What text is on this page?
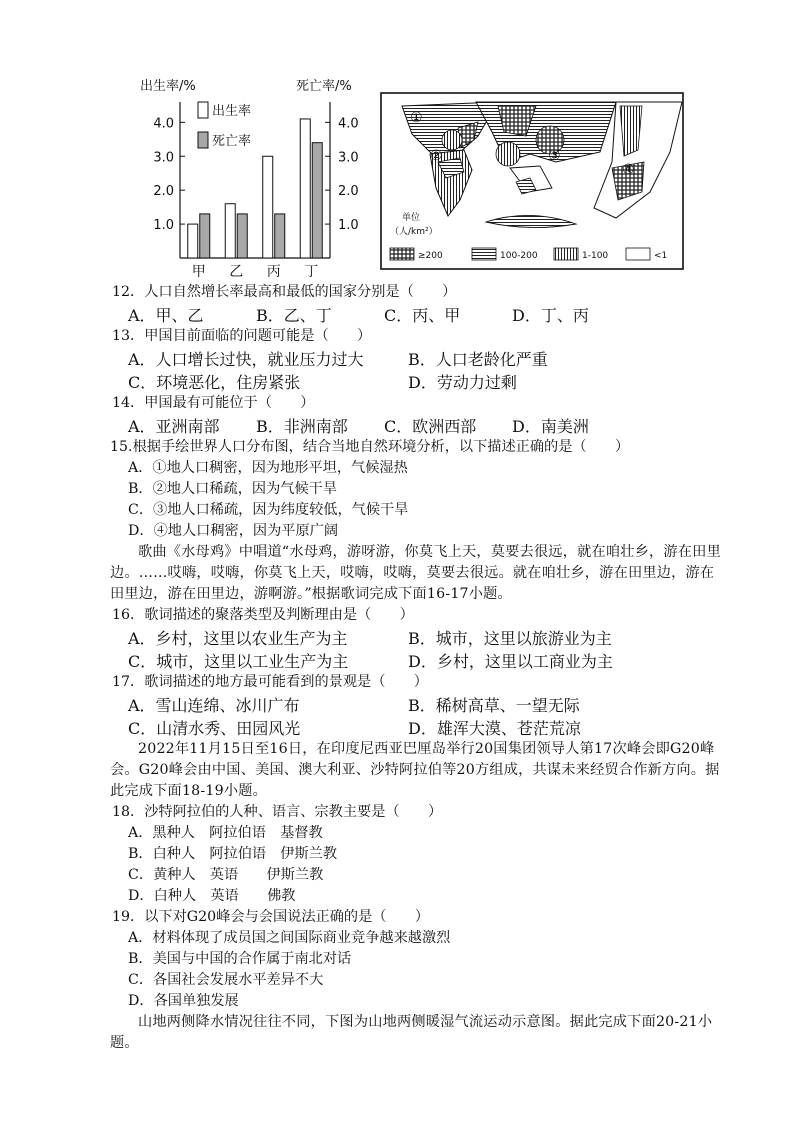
出生率/%	死亡率/%
1.0	1.0
2.0	2.0
3.0	3.0
4.0	4.0
甲 乙 丙 丁
出生率
死亡率
①
②	③
④
单位
（人/km²）
≥200	100-200	1-100	<1
12．人口自然增长率最高和最低的国家分别是（　　）
A．甲、乙	B．乙、丁	C．丙、甲	D．丁、丙
13．甲国目前面临的问题可能是（　　）
A．人口增长过快，就业压力过大	B．人口老龄化严重
C．环境恶化，住房紧张	D．劳动力过剩
14．甲国最有可能位于（　　）
A．亚洲南部	B．非洲南部	C．欧洲西部	D．南美洲
15.根据手绘世界人口分布图，结合当地自然环境分析，以下描述正确的是（　　）
A．①地人口稠密，因为地形平坦，气候湿热
B．②地人口稀疏，因为气候干旱
C．③地人口稀疏，因为纬度较低，气候干旱
D．④地人口稠密，因为平原广阔
歌曲《水母鸡》中唱道“水母鸡，游呀游，你莫飞上天，莫要去很远，就在咱壮乡，游在田里边。……哎嗨，哎嗨，你莫飞上天，哎嗨，哎嗨，莫要去很远。就在咱壮乡，游在田里边，游在田里边，游在田里边，游啊游。”根据歌词完成下面16-17小题。
16．歌词描述的聚落类型及判断理由是（　　）
A．乡村，这里以农业生产为主	B．城市，这里以旅游业为主
C．城市，这里以工业生产为主	D．乡村，这里以工商业为主
17．歌词描述的地方最可能看到的景观是（　　）
A．雪山连绵、冰川广布	B．稀树高草、一望无际
C．山清水秀、田园风光	D．雄浑大漠、苍茫荒凉
2022年11月15日至16日，在印度尼西亚巴厘岛举行20国集团领导人第17次峰会即G20峰会。G20峰会由中国、美国、澳大利亚、沙特阿拉伯等20方组成，共谋未来经贸合作新方向。据此完成下面18-19小题。
18．沙特阿拉伯的人种、语言、宗教主要是（　　）
A．黑种人　阿拉伯语　基督教
B．白种人　阿拉伯语　伊斯兰教
C．黄种人　英语　　伊斯兰教
D．白种人　英语　　佛教
19．以下对G20峰会与会国说法正确的是（　　）
A．材料体现了成员国之间国际商业竞争越来越激烈
B．美国与中国的合作属于南北对话
C．各国社会发展水平差异不大
D．各国单独发展
山地两侧降水情况往往不同，下图为山地两侧暖湿气流运动示意图。据此完成下面20-21小题。
